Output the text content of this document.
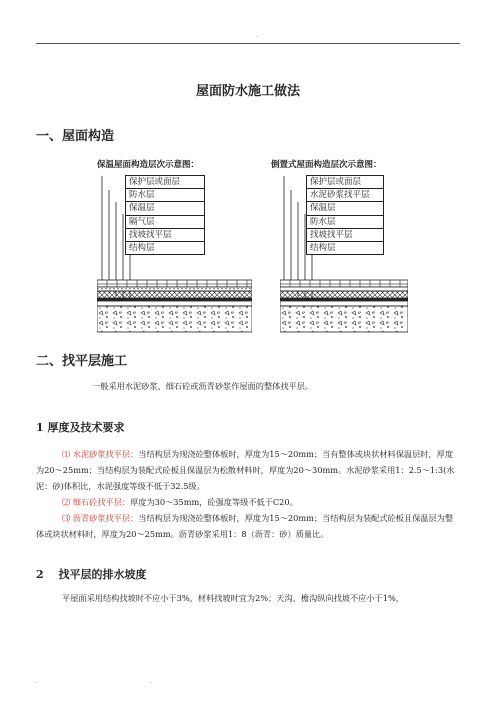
.
屋面防水施工做法
一、屋面构造
保温屋面构造层次示意图：
保护层或面层
防水层
保温层
隔气层
找坡找平层
结构层
倒置式屋面构造层次示意图：
保护层或面层
水泥砂浆找平层
保温层
防水层
找坡找平层
结构层
二、找平层施工
一般采用水泥砂浆、细石砼或沥青砂浆作屋面的整体找平层。
1 厚度及技术要求
⑴ 水泥砂浆找平层：当结构层为现浇砼整体板时，厚度为15～20mm；当有整体或块状材料保温层时，厚度为20～25mm；当结构层为装配式砼板且保温层为松散材料时，厚度为20～30mm。水泥砂浆采用1：2.5～1:3(水泥：砂)体积比，水泥强度等级不低于32.5级。
⑵ 细石砼找平层：厚度为30～35mm，砼强度等级不低于C20。
⑶ 沥青砂浆找平层：当结构层为现浇砼整体板时，厚度为15～20mm；当结构层为装配式砼板且保温层为整体或块状材料时，厚度为20～25mm。沥青砂浆采用1：8（沥青：砂）质量比。
2　 找平层的排水坡度
平屋面采用结构找坡时不应小于3%，材料找坡时宜为2%；天沟、檐沟纵向找坡不应小于1%，
.	.
